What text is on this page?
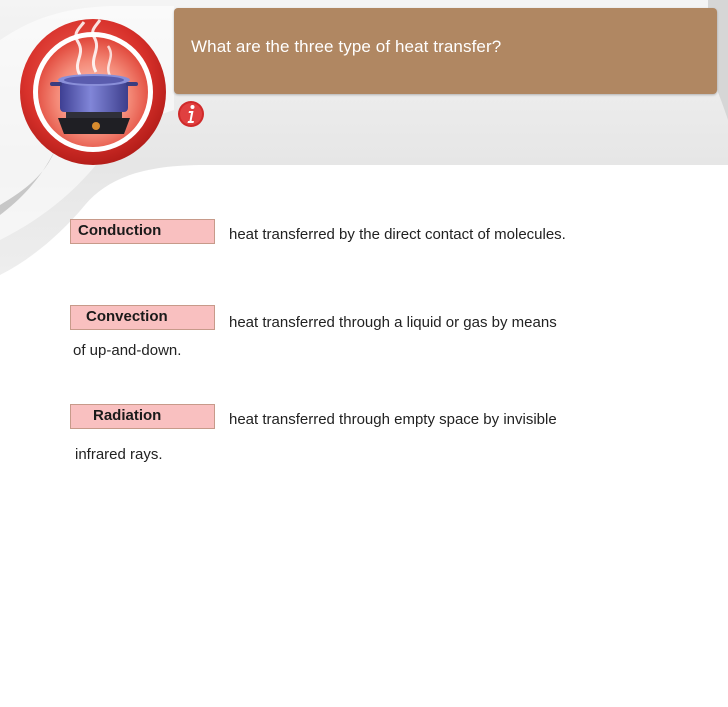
What are the three type of heat transfer?
Conduction	heat transferred by the direct contact of molecules.
Convection	heat transferred through a liquid or gas by means
of up-and-down.
Radiation	heat transferred through empty space by invisible
infrared rays.
